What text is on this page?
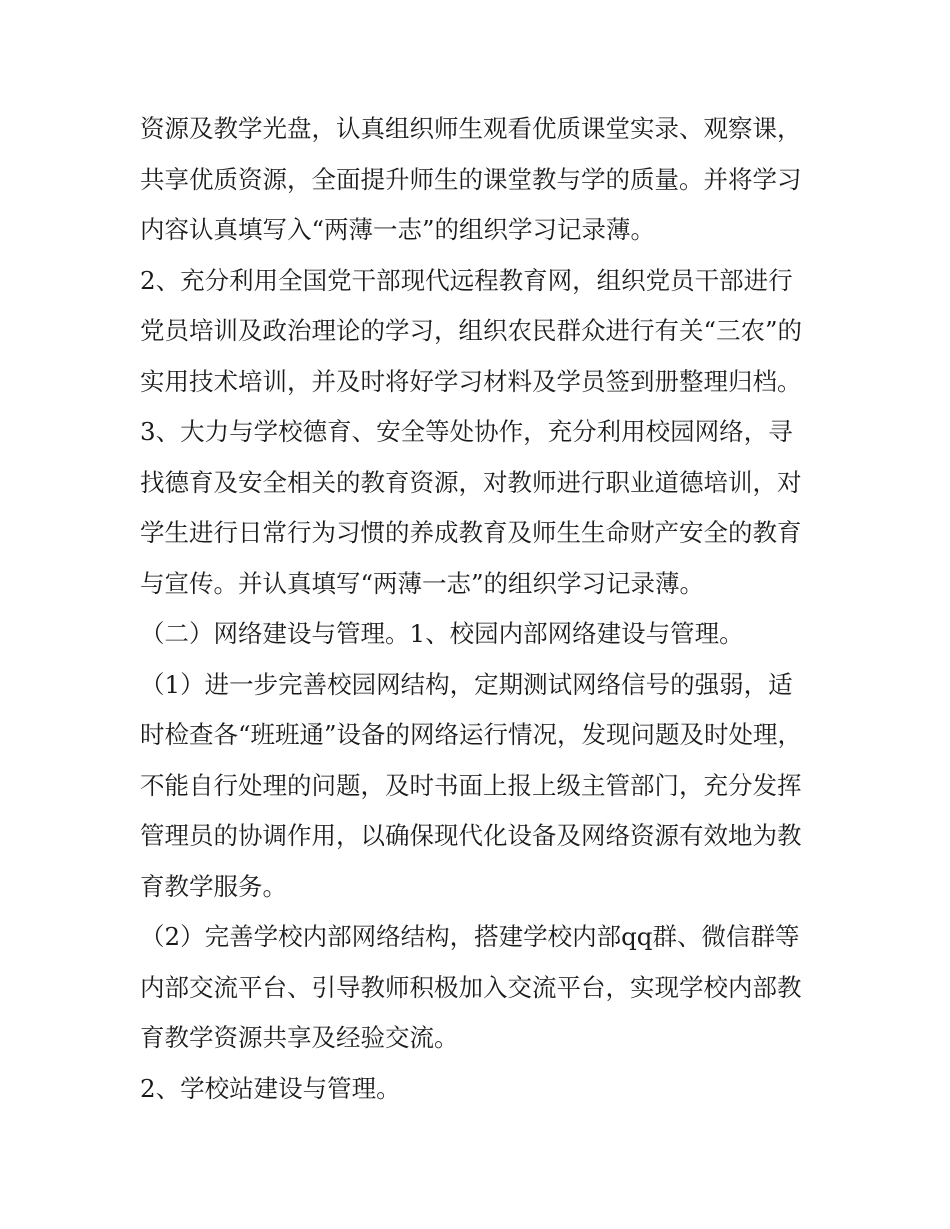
资源及教学光盘，认真组织师生观看优质课堂实录、观察课，
共享优质资源，全面提升师生的课堂教与学的质量。并将学习
内容认真填写入“两薄一志”的组织学习记录薄。
2、充分利用全国党干部现代远程教育网，组织党员干部进行
党员培训及政治理论的学习，组织农民群众进行有关“三农”的
实用技术培训，并及时将好学习材料及学员签到册整理归档。
3、大力与学校德育、安全等处协作，充分利用校园网络，寻
找德育及安全相关的教育资源，对教师进行职业道德培训，对
学生进行日常行为习惯的养成教育及师生生命财产安全的教育
与宣传。并认真填写“两薄一志”的组织学习记录薄。
（二）网络建设与管理。1、校园内部网络建设与管理。
（1）进一步完善校园网结构，定期测试网络信号的强弱，适
时检查各“班班通”设备的网络运行情况，发现问题及时处理，
不能自行处理的问题，及时书面上报上级主管部门，充分发挥
管理员的协调作用，以确保现代化设备及网络资源有效地为教
育教学服务。
（2）完善学校内部网络结构，搭建学校内部qq群、微信群等
内部交流平台、引导教师积极加入交流平台，实现学校内部教
育教学资源共享及经验交流。
2、学校站建设与管理。
